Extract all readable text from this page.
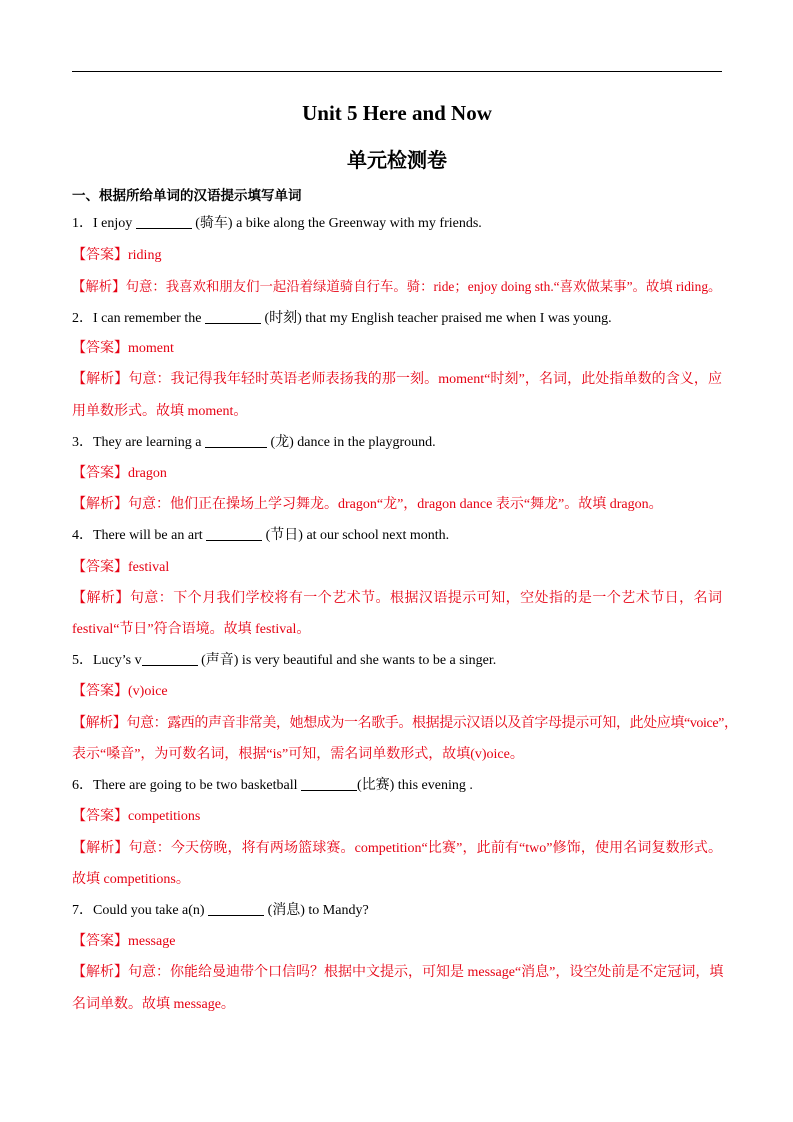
Unit 5 Here and Now
单元检测卷
一、根据所给单词的汉语提示填写单词
1．I enjoy	(骑车) a bike along the Greenway with my friends.
【答案】riding
【解析】句意：我喜欢和朋友们一起沿着绿道骑自行车。骑：ride；enjoy doing sth.“喜欢做某事”。故填 riding。
2．I can remember the	(时刻) that my English teacher praised me when I was young.
【答案】moment
【解析】句意：我记得我年轻时英语老师表扬我的那一刻。moment“时刻”，名词，此处指单数的含义，应
用单数形式。故填 moment。
3．They are learning a	(龙) dance in the playground.
【答案】dragon
【解析】句意：他们正在操场上学习舞龙。dragon“龙”，dragon dance 表示“舞龙”。故填 dragon。
4．There will be an art	(节日) at our school next month.
【答案】festival
【解析】句意：下个月我们学校将有一个艺术节。根据汉语提示可知，空处指的是一个艺术节日，名词
festival“节日”符合语境。故填 festival。
5．Lucy’s v	(声音) is very beautiful and she wants to be a singer.
【答案】(v)oice
【解析】句意：露西的声音非常美，她想成为一名歌手。根据提示汉语以及首字母提示可知，此处应填“voice”，
表示“嗓音”，为可数名词，根据“is”可知，需名词单数形式，故填(v)oice。
6．There are going to be two basketball	(比赛) this evening .
【答案】competitions
【解析】句意：今天傍晚，将有两场篮球赛。competition“比赛”，此前有“two”修饰，使用名词复数形式。
故填 competitions。
7．Could you take a(n)	(消息) to Mandy?
【答案】message
【解析】句意：你能给曼迪带个口信吗？根据中文提示，可知是 message“消息”，设空处前是不定冠词，填
名词单数。故填 message。
